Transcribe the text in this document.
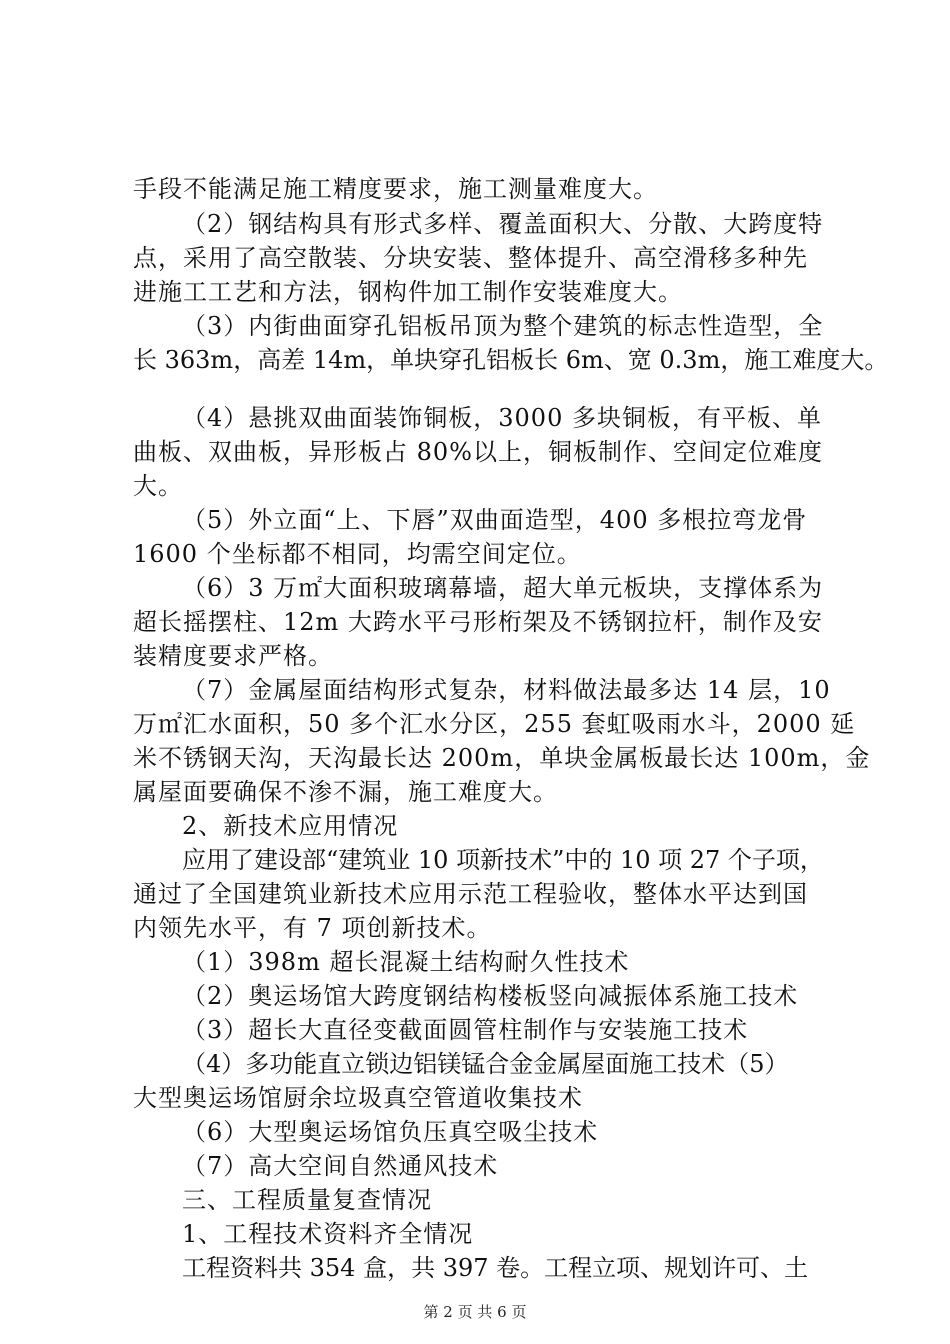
手段不能满足施工精度要求，施工测量难度大。
（2）钢结构具有形式多样、覆盖面积大、分散、大跨度特
点，采用了高空散装、分块安装、整体提升、高空滑移多种先
进施工工艺和方法，钢构件加工制作安装难度大。
（3）内街曲面穿孔铝板吊顶为整个建筑的标志性造型，全
长 363m，高差 14m，单块穿孔铝板长 6m、宽 0.3m，施工难度大。
（4）悬挑双曲面装饰铜板，3000 多块铜板，有平板、单
曲板、双曲板，异形板占 80%以上，铜板制作、空间定位难度
大。
（5）外立面“上、下唇”双曲面造型，400 多根拉弯龙骨
1600 个坐标都不相同，均需空间定位。
（6）3 万㎡大面积玻璃幕墙，超大单元板块，支撑体系为
超长摇摆柱、12m 大跨水平弓形桁架及不锈钢拉杆，制作及安
装精度要求严格。
（7）金属屋面结构形式复杂，材料做法最多达 14 层，10
万㎡汇水面积，50 多个汇水分区，255 套虹吸雨水斗，2000 延
米不锈钢天沟，天沟最长达 200m，单块金属板最长达 100m，金
属屋面要确保不渗不漏，施工难度大。
2、新技术应用情况
应用了建设部“建筑业 10 项新技术”中的 10 项 27 个子项，
通过了全国建筑业新技术应用示范工程验收，整体水平达到国
内领先水平，有 7 项创新技术。
（1）398m 超长混凝土结构耐久性技术
（2）奥运场馆大跨度钢结构楼板竖向减振体系施工技术
（3）超长大直径变截面圆管柱制作与安装施工技术
（4）多功能直立锁边铝镁锰合金金属屋面施工技术（5）
大型奥运场馆厨余垃圾真空管道收集技术
（6）大型奥运场馆负压真空吸尘技术
（7）高大空间自然通风技术
三、工程质量复查情况
1、工程技术资料齐全情况
工程资料共 354 盒，共 397 卷。工程立项、规划许可、土
第 2 页 共 6 页
